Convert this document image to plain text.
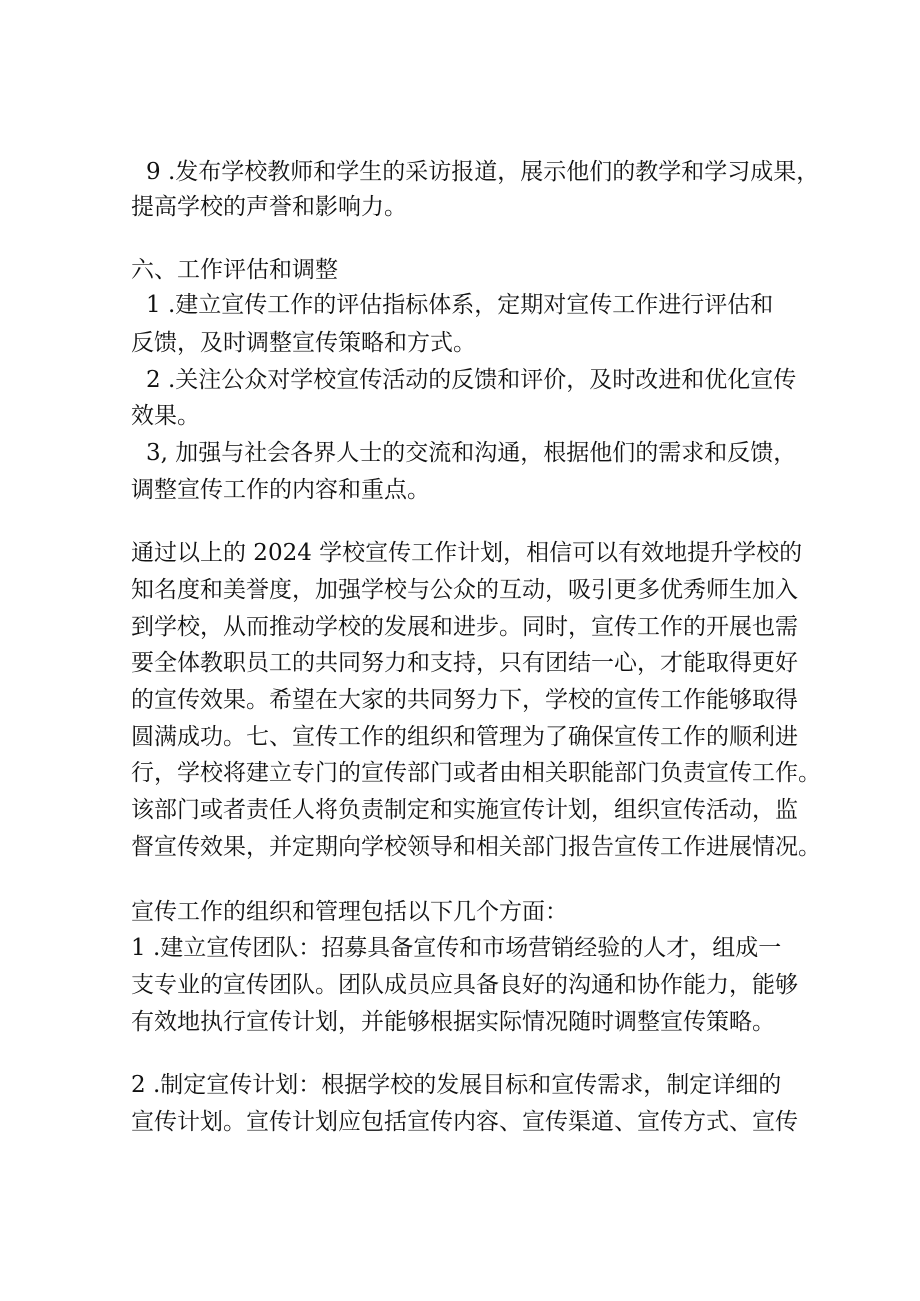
9 .发布学校教师和学生的采访报道，展示他们的教学和学习成果，
提高学校的声誉和影响力。
六、工作评估和调整
1 .建立宣传工作的评估指标体系，定期对宣传工作进行评估和
反馈，及时调整宣传策略和方式。
2 .关注公众对学校宣传活动的反馈和评价，及时改进和优化宣传
效果。
3, 加强与社会各界人士的交流和沟通，根据他们的需求和反馈，
调整宣传工作的内容和重点。
通过以上的 2024 学校宣传工作计划，相信可以有效地提升学校的
知名度和美誉度，加强学校与公众的互动，吸引更多优秀师生加入
到学校，从而推动学校的发展和进步。同时，宣传工作的开展也需
要全体教职员工的共同努力和支持，只有团结一心，才能取得更好
的宣传效果。希望在大家的共同努力下，学校的宣传工作能够取得
圆满成功。七、宣传工作的组织和管理为了确保宣传工作的顺利进
行，学校将建立专门的宣传部门或者由相关职能部门负责宣传工作。
该部门或者责任人将负责制定和实施宣传计划，组织宣传活动，监
督宣传效果，并定期向学校领导和相关部门报告宣传工作进展情况。
宣传工作的组织和管理包括以下几个方面：
1 .建立宣传团队：招募具备宣传和市场营销经验的人才，组成一
支专业的宣传团队。团队成员应具备良好的沟通和协作能力，能够
有效地执行宣传计划，并能够根据实际情况随时调整宣传策略。
2 .制定宣传计划：根据学校的发展目标和宣传需求，制定详细的
宣传计划。宣传计划应包括宣传内容、宣传渠道、宣传方式、宣传
